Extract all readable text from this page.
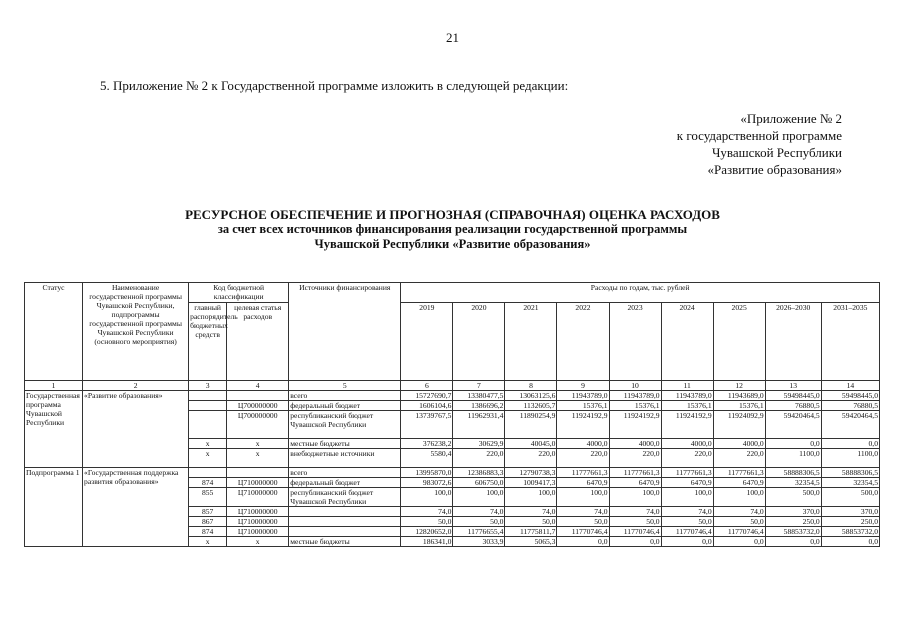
21
5. Приложение № 2 к Государственной программе изложить в следующей редакции:
«Приложение № 2
к государственной программе
Чувашской Республики
«Развитие образования»
РЕСУРСНОЕ ОБЕСПЕЧЕНИЕ И ПРОГНОЗНАЯ (СПРАВОЧНАЯ) ОЦЕНКА РАСХОДОВ
за счет всех источников финансирования реализации государственной программы
Чувашской Республики «Развитие образования»
Статус	Наименование государственной программы Чувашской Республики, подпрограммы государственной программы Чувашской Республики (основного мероприятия)	Код бюджетной классификации		Источники финансирования	Расходы по годам, тыс. рублей								
		главный распорядитель бюджетных средств	целевая статья расходов		2019	2020	2021	2022	2023	2024	2025	2026–2030	2031–2035
1	2	3	4	5	6	7	8	9	10	11	12	13	14
Государственная программа Чувашской Республики	«Развитие образования»			всего	15727690,7	13380477,5	13063125,6	11943789,0	11943789,0	11943789,0	11943689,0	59498445,0	59498445,0
			Ц700000000	федеральный бюджет	1606104,6	1386696,2	1132605,7	15376,1	15376,1	15376,1	15376,1	76880,5	76880,5
			Ц700000000	республиканский бюджет Чувашской Республики	13739767,5	11962931,4	11890254,9	11924192,9	11924192,9	11924192,9	11924092,9	59420464,5	59420464,5
		x	x	местные бюджеты	376238,2	30629,9	40045,0	4000,0	4000,0	4000,0	4000,0	0,0	0,0
		x	x	внебюджетные источники	5580,4	220,0	220,0	220,0	220,0	220,0	220,0	1100,0	1100,0
Подпрограмма 1	«Государственная поддержка развития образования»			всего	13995870,0	12386883,3	12790738,3	11777661,3	11777661,3	11777661,3	11777661,3	58888306,5	58888306,5
		874	Ц710000000	федеральный бюджет	983072,6	606750,0	1009417,3	6470,9	6470,9	6470,9	6470,9	32354,5	32354,5
		855	Ц710000000	республиканский бюджет Чувашской Республики	100,0	100,0	100,0	100,0	100,0	100,0	100,0	500,0	500,0
		857	Ц710000000		74,0	74,0	74,0	74,0	74,0	74,0	74,0	370,0	370,0
		867	Ц710000000		50,0	50,0	50,0	50,0	50,0	50,0	50,0	250,0	250,0
		874	Ц710000000		12820652,0	11776655,4	11775811,7	11770746,4	11770746,4	11770746,4	11770746,4	58853732,0	58853732,0
		x	x	местные бюджеты	186341,0	3033,9	5065,3	0,0	0,0	0,0	0,0	0,0	0,0
